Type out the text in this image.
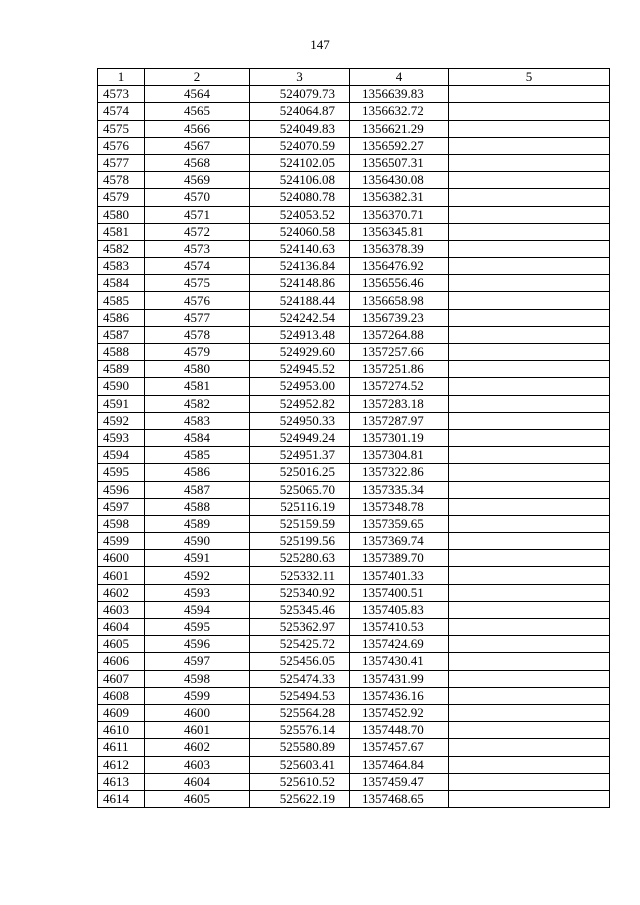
147
1	2	3	4	5
4573	4564	524079.73	1356639.83	
4574	4565	524064.87	1356632.72	
4575	4566	524049.83	1356621.29	
4576	4567	524070.59	1356592.27	
4577	4568	524102.05	1356507.31	
4578	4569	524106.08	1356430.08	
4579	4570	524080.78	1356382.31	
4580	4571	524053.52	1356370.71	
4581	4572	524060.58	1356345.81	
4582	4573	524140.63	1356378.39	
4583	4574	524136.84	1356476.92	
4584	4575	524148.86	1356556.46	
4585	4576	524188.44	1356658.98	
4586	4577	524242.54	1356739.23	
4587	4578	524913.48	1357264.88	
4588	4579	524929.60	1357257.66	
4589	4580	524945.52	1357251.86	
4590	4581	524953.00	1357274.52	
4591	4582	524952.82	1357283.18	
4592	4583	524950.33	1357287.97	
4593	4584	524949.24	1357301.19	
4594	4585	524951.37	1357304.81	
4595	4586	525016.25	1357322.86	
4596	4587	525065.70	1357335.34	
4597	4588	525116.19	1357348.78	
4598	4589	525159.59	1357359.65	
4599	4590	525199.56	1357369.74	
4600	4591	525280.63	1357389.70	
4601	4592	525332.11	1357401.33	
4602	4593	525340.92	1357400.51	
4603	4594	525345.46	1357405.83	
4604	4595	525362.97	1357410.53	
4605	4596	525425.72	1357424.69	
4606	4597	525456.05	1357430.41	
4607	4598	525474.33	1357431.99	
4608	4599	525494.53	1357436.16	
4609	4600	525564.28	1357452.92	
4610	4601	525576.14	1357448.70	
4611	4602	525580.89	1357457.67	
4612	4603	525603.41	1357464.84	
4613	4604	525610.52	1357459.47	
4614	4605	525622.19	1357468.65	
